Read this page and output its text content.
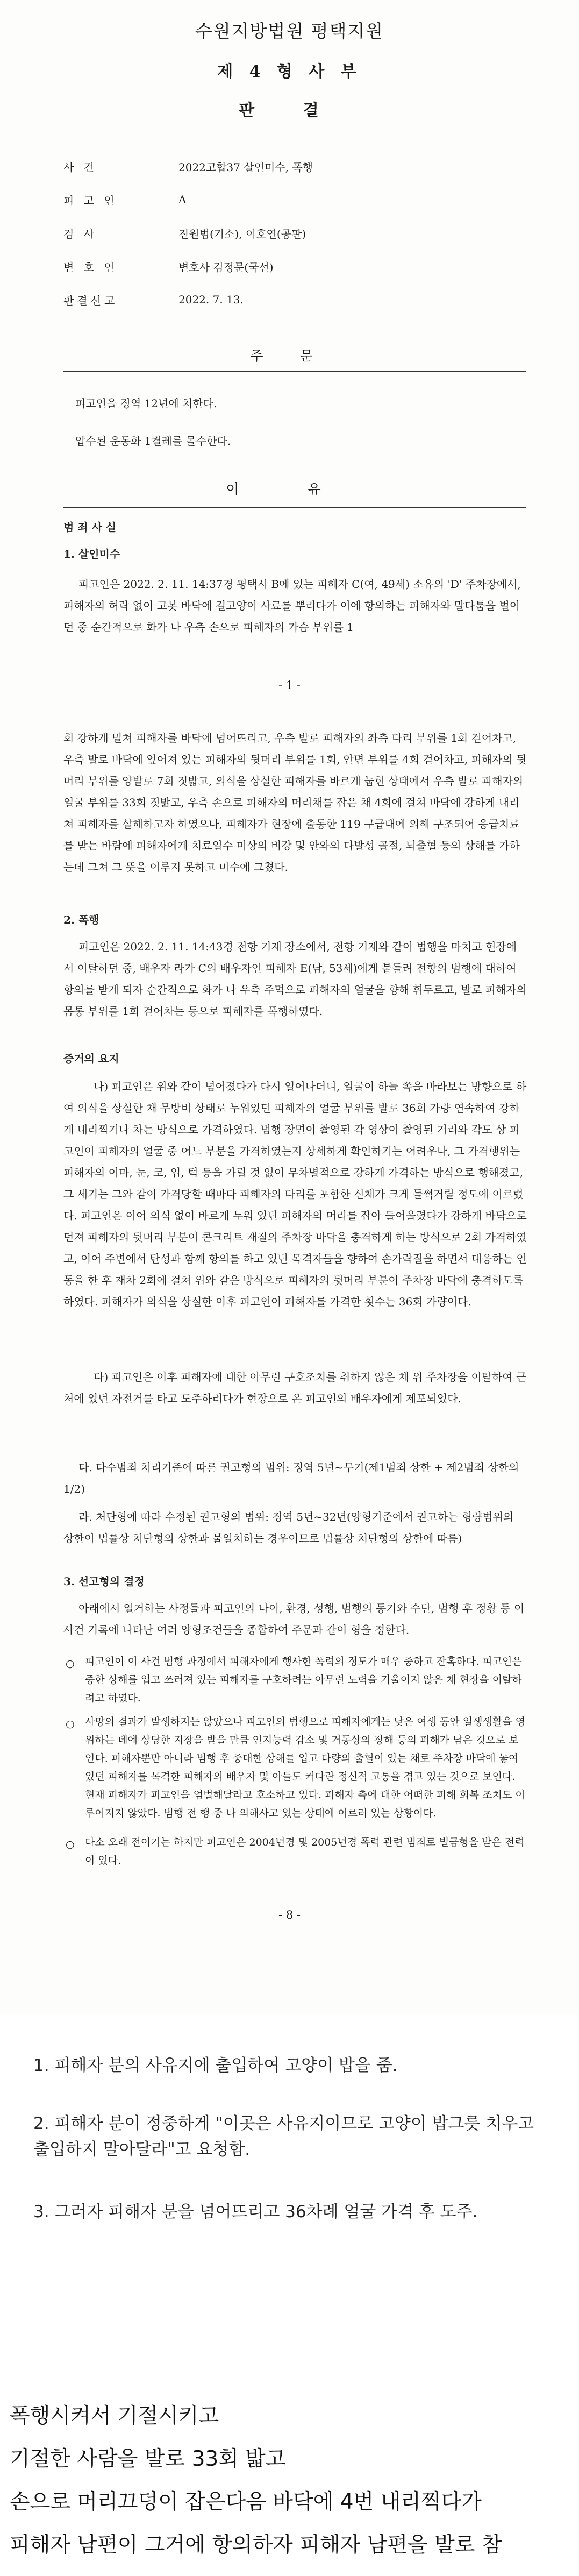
수원지방법원 평택지원
제 4 형 사 부
판 결
사 건	2022고합37 살인미수, 폭행
피 고 인	A
검 사	진원범(기소), 이호연(공판)
변 호 인	변호사 김정문(국선)
판결선고	2022. 7. 13.
주 문

피고인을 징역 12년에 처한다.

압수된 운동화 1켤레를 몰수한다.

이 유
범 죄 사 실
1. 살인미수

피고인은 2022. 2. 11. 14:37경 평택시 B에 있는 피해자 C(여, 49세) 소유의 'D' 주차장에서, 피해자의 허락 없이 고봇 바닥에 길고양이 사료를 뿌리다가 이에 항의하는 피해자와 말다툼을 벌이던 중 순간적으로 화가 나 우측 손으로 피해자의 가슴 부위를 1

- 1 -

회 강하게 밀쳐 피해자를 바닥에 넘어뜨리고, 우측 발로 피해자의 좌측 다리 부위를 1회 걷어차고, 우측 발로 바닥에 엎어져 있는 피해자의 뒷머리 부위를 1회, 안면 부위를 4회 걷어차고, 피해자의 뒷머리 부위를 양발로 7회 짓밟고, 의식을 상실한 피해자를 바르게 눕힌 상태에서 우측 발로 피해자의 얼굴 부위를 33회 짓밟고, 우측 손으로 피해자의 머리채를 잡은 채 4회에 걸쳐 바닥에 강하게 내리쳐 피해자를 살해하고자 하였으나, 피해자가 현장에 출동한 119 구급대에 의해 구조되어 응급치료를 받는 바람에 피해자에게 치료일수 미상의 비강 및 안와의 다발성 골절, 뇌출혈 등의 상해를 가하는데 그쳐 그 뜻을 이루지 못하고 미수에 그쳤다.

2. 폭행

피고인은 2022. 2. 11. 14:43경 전항 기재 장소에서, 전항 기재와 같이 범행을 마치고 현장에서 이탈하던 중, 배우자 라가 C의 배우자인 피해자 E(남, 53세)에게 붙들려 전항의 범행에 대하여 항의를 받게 되자 순간적으로 화가 나 우측 주먹으로 피해자의 얼굴을 향해 휘두르고, 발로 피해자의 몸통 부위를 1회 걷어차는 등으로 피해자를 폭행하였다.

증거의 요지

나) 피고인은 위와 같이 넘어졌다가 다시 일어나더니, 얼굴이 하늘 쪽을 바라보는 방향으로 하여 의식을 상실한 채 무방비 상태로 누워있던 피해자의 얼굴 부위를 발로 36회 가량 연속하여 강하게 내리찍거나 차는 방식으로 가격하였다. 범행 장면이 촬영된 각 영상이 촬영된 거리와 각도 상 피고인이 피해자의 얼굴 중 어느 부분을 가격하였는지 상세하게 확인하기는 어려우나, 그 가격행위는 피해자의 이마, 눈, 코, 입, 턱 등을 가릴 것 없이 무차별적으로 강하게 가격하는 방식으로 행해졌고, 그 세기는 그와 같이 가격당할 때마다 피해자의 다리를 포함한 신체가 크게 들썩거릴 정도에 이르렀다. 피고인은 이어 의식 없이 바르게 누워 있던 피해자의 머리를 잡아 들어올렸다가 강하게 바닥으로 던져 피해자의 뒷머리 부분이 콘크리트 재질의 주차장 바닥을 충격하게 하는 방식으로 2회 가격하였고, 이어 주변에서 탄성과 함께 항의를 하고 있던 목격자들을 향하여 손가락질을 하면서 대응하는 언동을 한 후 재차 2회에 걸쳐 위와 같은 방식으로 피해자의 뒷머리 부분이 주차장 바닥에 충격하도록 하였다. 피해자가 의식을 상실한 이후 피고인이 피해자를 가격한 횟수는 36회 가량이다.

다) 피고인은 이후 피해자에 대한 아무런 구호조치를 취하지 않은 채 위 주차장을 이탈하여 근처에 있던 자전거를 타고 도주하려다가 현장으로 온 피고인의 배우자에게 제포되었다.

다. 다수범죄 처리기준에 따른 권고형의 범위: 징역 5년~무기(제1범죄 상한 + 제2범죄 상한의 1/2)

라. 처단형에 따라 수정된 권고형의 범위: 징역 5년~32년(양형기준에서 권고하는 형량범위의 상한이 법률상 처단형의 상한과 불일치하는 경우이므로 법률상 처단형의 상한에 따름)

3. 선고형의 결정

아래에서 열거하는 사정들과 피고인의 나이, 환경, 성행, 범행의 동기와 수단, 범행 후 정황 등 이 사건 기록에 나타난 여러 양형조건들을 종합하여 주문과 같이 형을 정한다.

○ 피고인이 이 사건 범행 과정에서 피해자에게 행사한 폭력의 정도가 매우 중하고 잔혹하다. 피고인은 중한 상해를 입고 쓰러져 있는 피해자를 구호하려는 아무런 노력을 기울이지 않은 채 현장을 이탈하려고 하였다.

○ 사망의 결과가 발생하지는 않았으나 피고인의 범행으로 피해자에게는 낮은 여생 동안 일생생활을 영위하는 데에 상당한 지장을 받을 만큼 인지능력 감소 및 거동상의 장해 등의 피해가 남은 것으로 보인다. 피해자뿐만 아니라 범행 후 중대한 상해를 입고 다량의 출혈이 있는 채로 주차장 바닥에 놓여 있던 피해자를 목격한 피해자의 배우자 및 아들도 커다란 정신적 고통을 겪고 있는 것으로 보인다. 현재 피해자가 피고인을 엄벌해달라고 호소하고 있다. 피해자 측에 대한 어떠한 피해 회복 조치도 이루어지지 않았다. 범행 전 행 중 나 의해사고 있는 상태에 이르러 있는 상황이다.

○ 다소 오래 전이기는 하지만 피고인은 2004년경 및 2005년경 폭력 관련 범죄로 벌금형을 받은 전력이 있다.

- 8 -

1. 피해자 분의 사유지에 출입하여 고양이 밥을 줌.

2. 피해자 분이 정중하게 "이곳은 사유지이므로 고양이 밥그릇 치우고 출입하지 말아달라"고 요청함.

3. 그러자 피해자 분을 넘어뜨리고 36차례 얼굴 가격 후 도주.

폭행시켜서 기절시키고

기절한 사람을 발로 33회 밟고

손으로 머리끄덩이 잡은다음 바닥에 4번 내리찍다가

피해자 남편이 그거에 항의하자 피해자 남편을 발로 참
